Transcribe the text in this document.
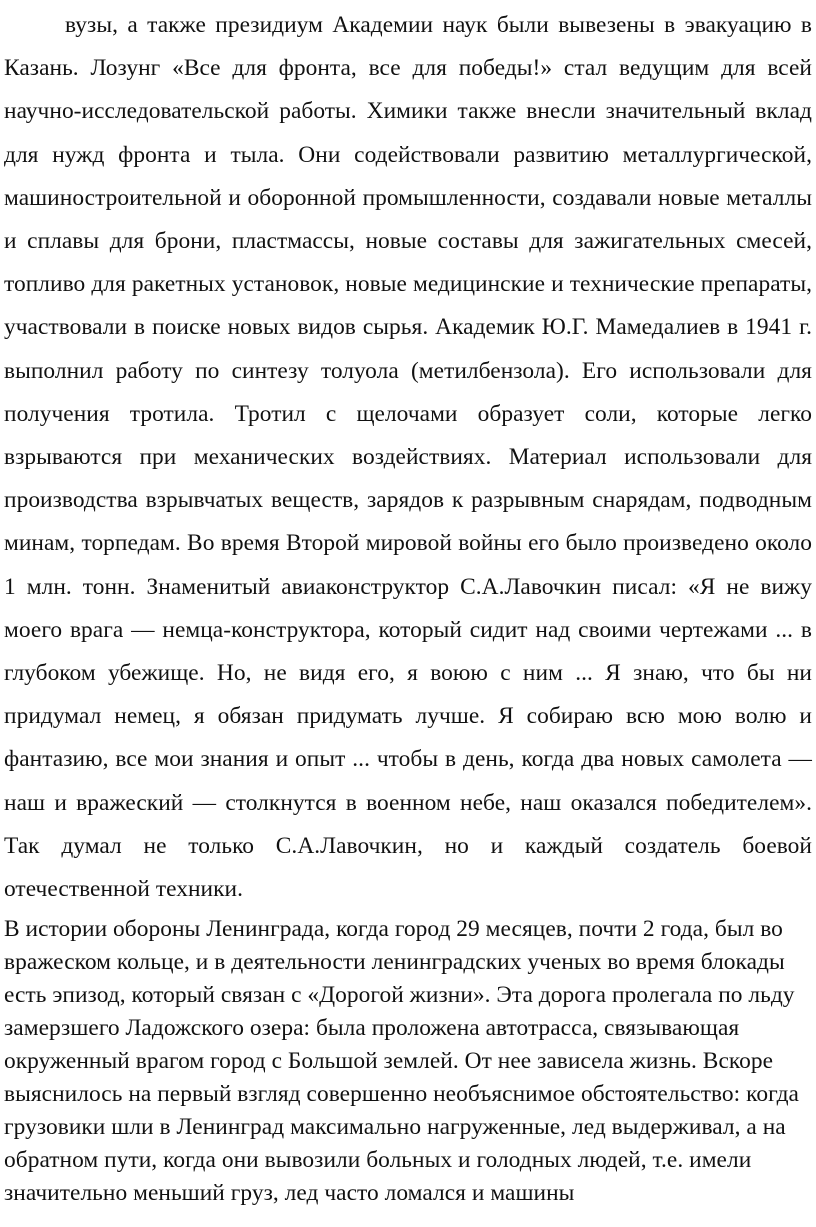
вузы, а также президиум Академии наук были вывезены в эвакуацию в Казань. Лозунг «Все для фронта, все для победы!» стал ведущим для всей научно-исследовательской работы. Химики также внесли значительный вклад для нужд фронта и тыла. Они содействовали развитию металлургической, машиностроительной и оборонной промышленности, создавали новые металлы и сплавы для брони, пластмассы, новые составы для зажигательных смесей, топливо для ракетных установок, новые медицинские и технические препараты, участвовали в поиске новых видов сырья. Академик Ю.Г. Мамедалиев в 1941 г. выполнил работу по синтезу толуола (метилбензола). Его использовали для получения тротила. Тротил с щелочами образует соли, которые легко взрываются при механических воздействиях. Материал использовали для производства взрывчатых веществ, зарядов к разрывным снарядам, подводным минам, торпедам. Во время Второй мировой войны его было произведено около 1 млн. тонн. Знаменитый авиаконструктор С.А.Лавочкин писал: «Я не вижу моего врага — немца-конструктора, который сидит над своими чертежами ... в глубоком убежище. Но, не видя его, я воюю с ним ... Я знаю, что бы ни придумал немец, я обязан придумать лучше. Я собираю всю мою волю и фантазию, все мои знания и опыт ... чтобы в день, когда два новых самолета — наш и вражеский — столкнутся в военном небе, наш оказался победителем». Так думал не только С.А.Лавочкин, но и каждый создатель боевой отечественной техники.

В истории обороны Ленинграда, когда город 29 месяцев, почти 2 года, был во вражеском кольце, и в деятельности ленинградских ученых во время блокады есть эпизод, который связан с «Дорогой жизни». Эта дорога пролегала по льду замерзшего Ладожского озера: была проложена автотрасса, связывающая окруженный врагом город с Большой землей. От нее зависела жизнь. Вскоре выяснилось на первый взгляд совершенно необъяснимое обстоятельство: когда грузовики шли в Ленинград максимально нагруженные, лед выдерживал, а на обратном пути, когда они вывозили больных и голодных людей, т.е. имели значительно меньший груз, лед часто ломался и машины
